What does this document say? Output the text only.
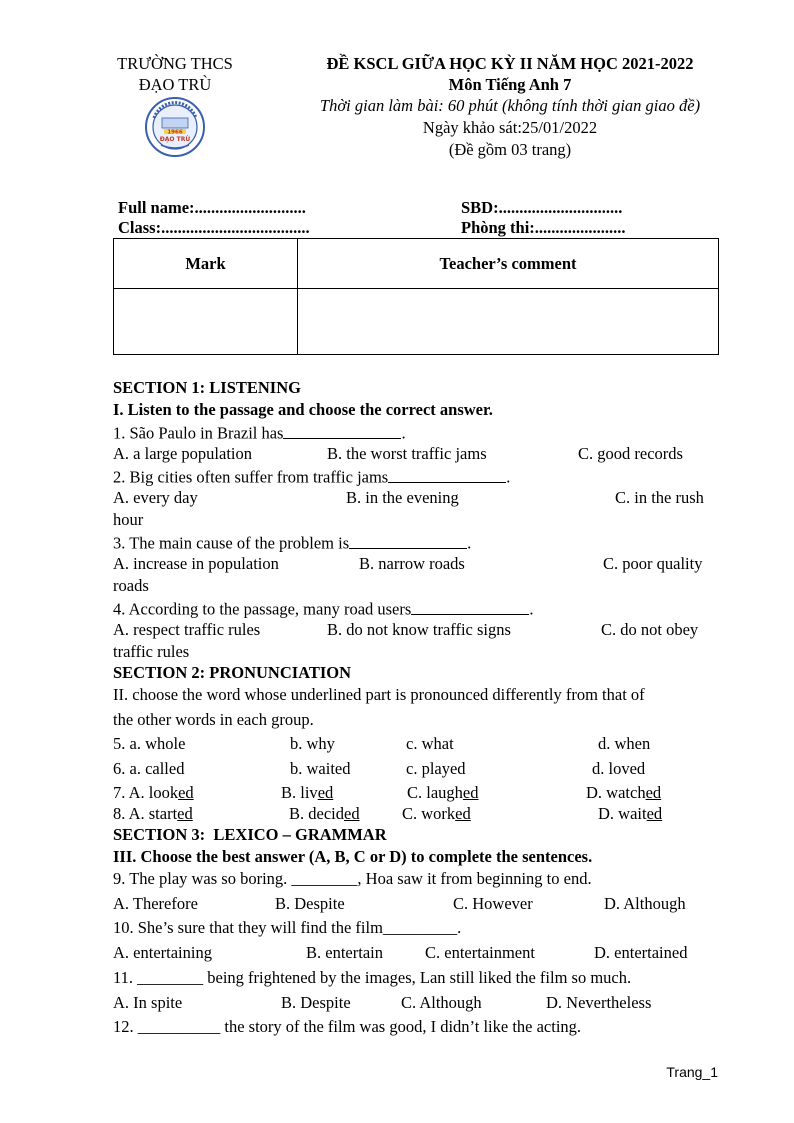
TRƯỜNG THCS
ĐẠO TRÙ
1966
ĐẠO TRÙ
ĐỀ KSCL GIỮA HỌC KỲ II NĂM HỌC 2021-2022
Môn Tiếng Anh 7
Thời gian làm bài: 60 phút (không tính thời gian giao đề)
Ngày khảo sát:25/01/2022
(Đề gồm 03 trang)
Full name:...........................	SBD:..............................
Class:....................................	Phòng thi:......................
Mark	Teacher’s comment

SECTION 1: LISTENING
I. Listen to the passage and choose the correct answer.
1. São Paulo in Brazil has	.
A. a large population	B. the worst traffic jams	C. good records
2. Big cities often suffer from traffic jams	.
A. every day	B. in the evening	C. in the rush
hour
3. The main cause of the problem is	.
A. increase in population	B. narrow roads	C. poor quality
roads
4. According to the passage, many road users	.
A. respect traffic rules	B. do not know traffic signs	C. do not obey
traffic rules
SECTION 2: PRONUNCIATION
II. choose the word whose underlined part is pronounced differently from that of
the other words in each group.
5. a. whole	b. why	c. what	d. when
6. a. called	b. waited	c. played	d. loved
7. A. looked	B. lived	C. laughed	D. watched
8. A. started	B. decided	C. worked	D. waited
SECTION 3:  LEXICO – GRAMMAR
III. Choose the best answer (A, B, C or D) to complete the sentences.
9. The play was so boring. ________, Hoa saw it from beginning to end.
A. Therefore	B. Despite	C. However	D. Although
10. She’s sure that they will find the film_________.
A. entertaining	B. entertain	C. entertainment	D. entertained
11. ________ being frightened by the images, Lan still liked the film so much.
A. In spite	B. Despite	C. Although	D. Nevertheless
12. __________ the story of the film was good, I didn’t like the acting.
Trang_1
